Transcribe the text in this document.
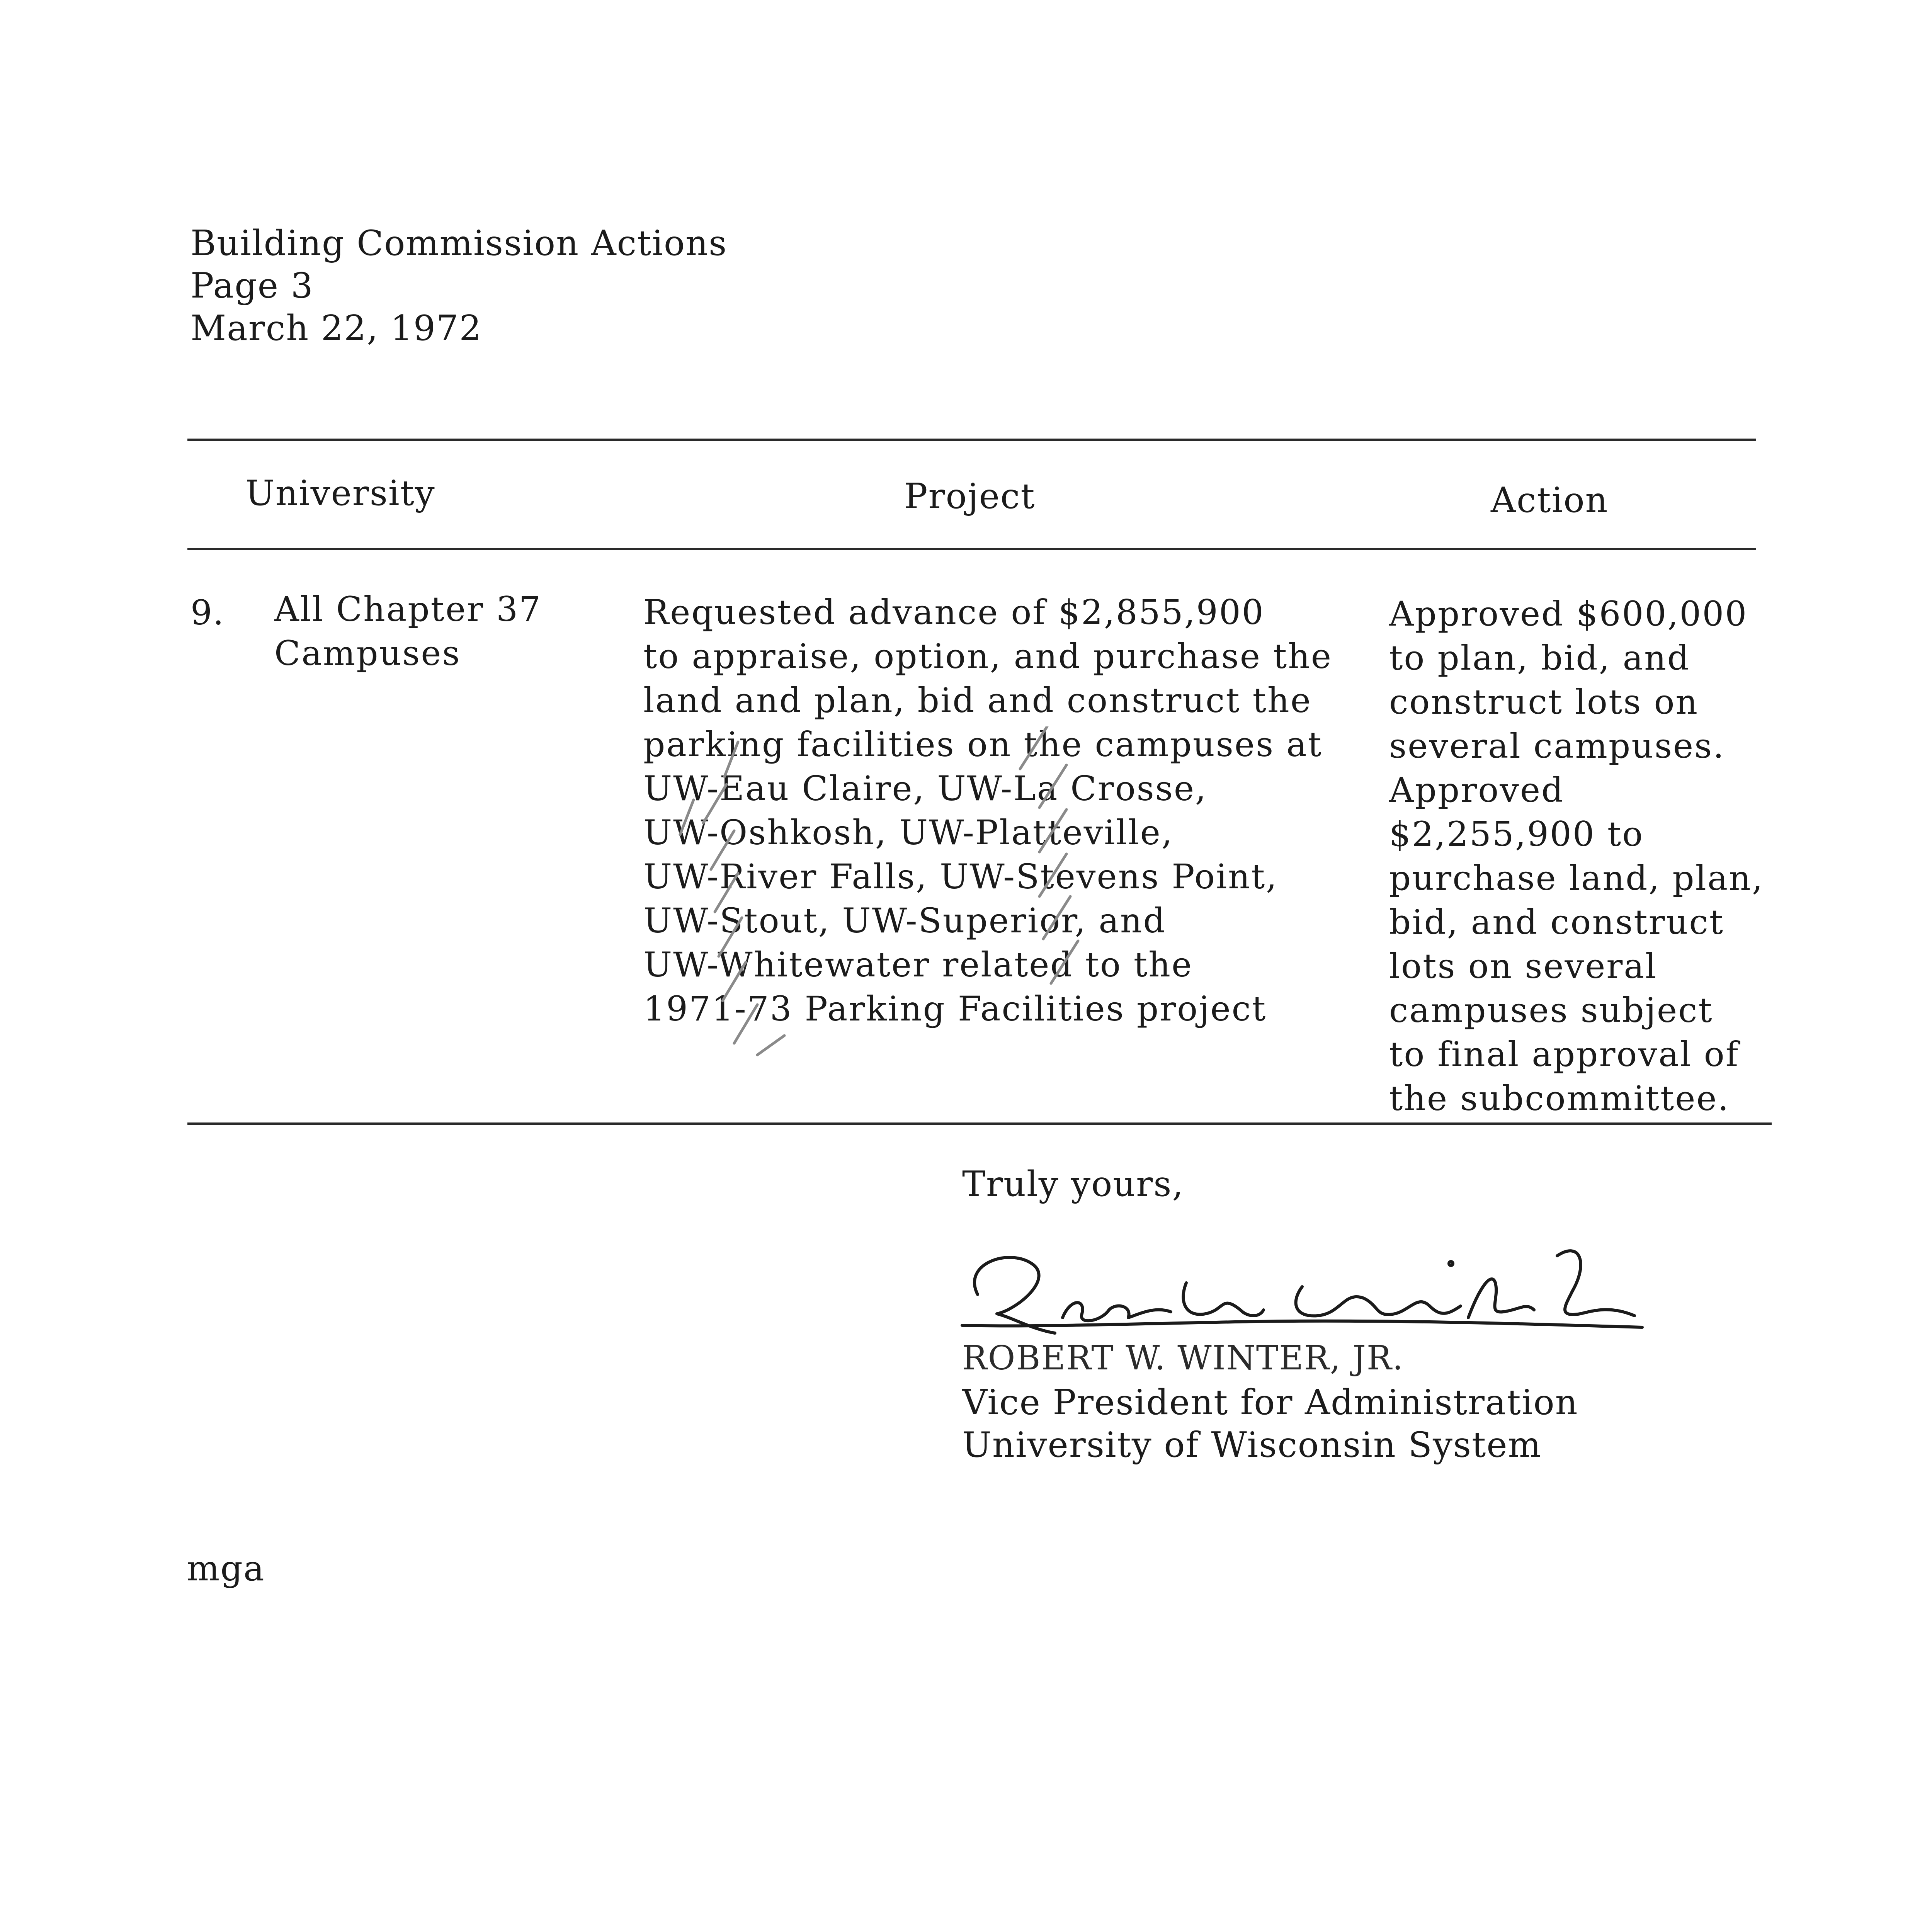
Building Commission Actions
Page 3
March 22, 1972
University	Project	Action
9. All Chapter 37
Campuses
Requested advance of $2,855,900
to appraise, option, and purchase the
land and plan, bid and construct the
parking facilities on the campuses at
UW-Eau Claire, UW-La Crosse,
UW-Oshkosh, UW-Platteville,
UW-River Falls, UW-Stevens Point,
UW-Stout, UW-Superior, and
UW-Whitewater related to the
1971-73 Parking Facilities project
Approved $600,000
to plan, bid, and
construct lots on
several campuses.
Approved
$2,255,900 to
purchase land, plan,
bid, and construct
lots on several
campuses subject
to final approval of
the subcommittee.
Truly yours,
ROBERT W. WINTER, JR.
Vice President for Administration
University of Wisconsin System
mga
